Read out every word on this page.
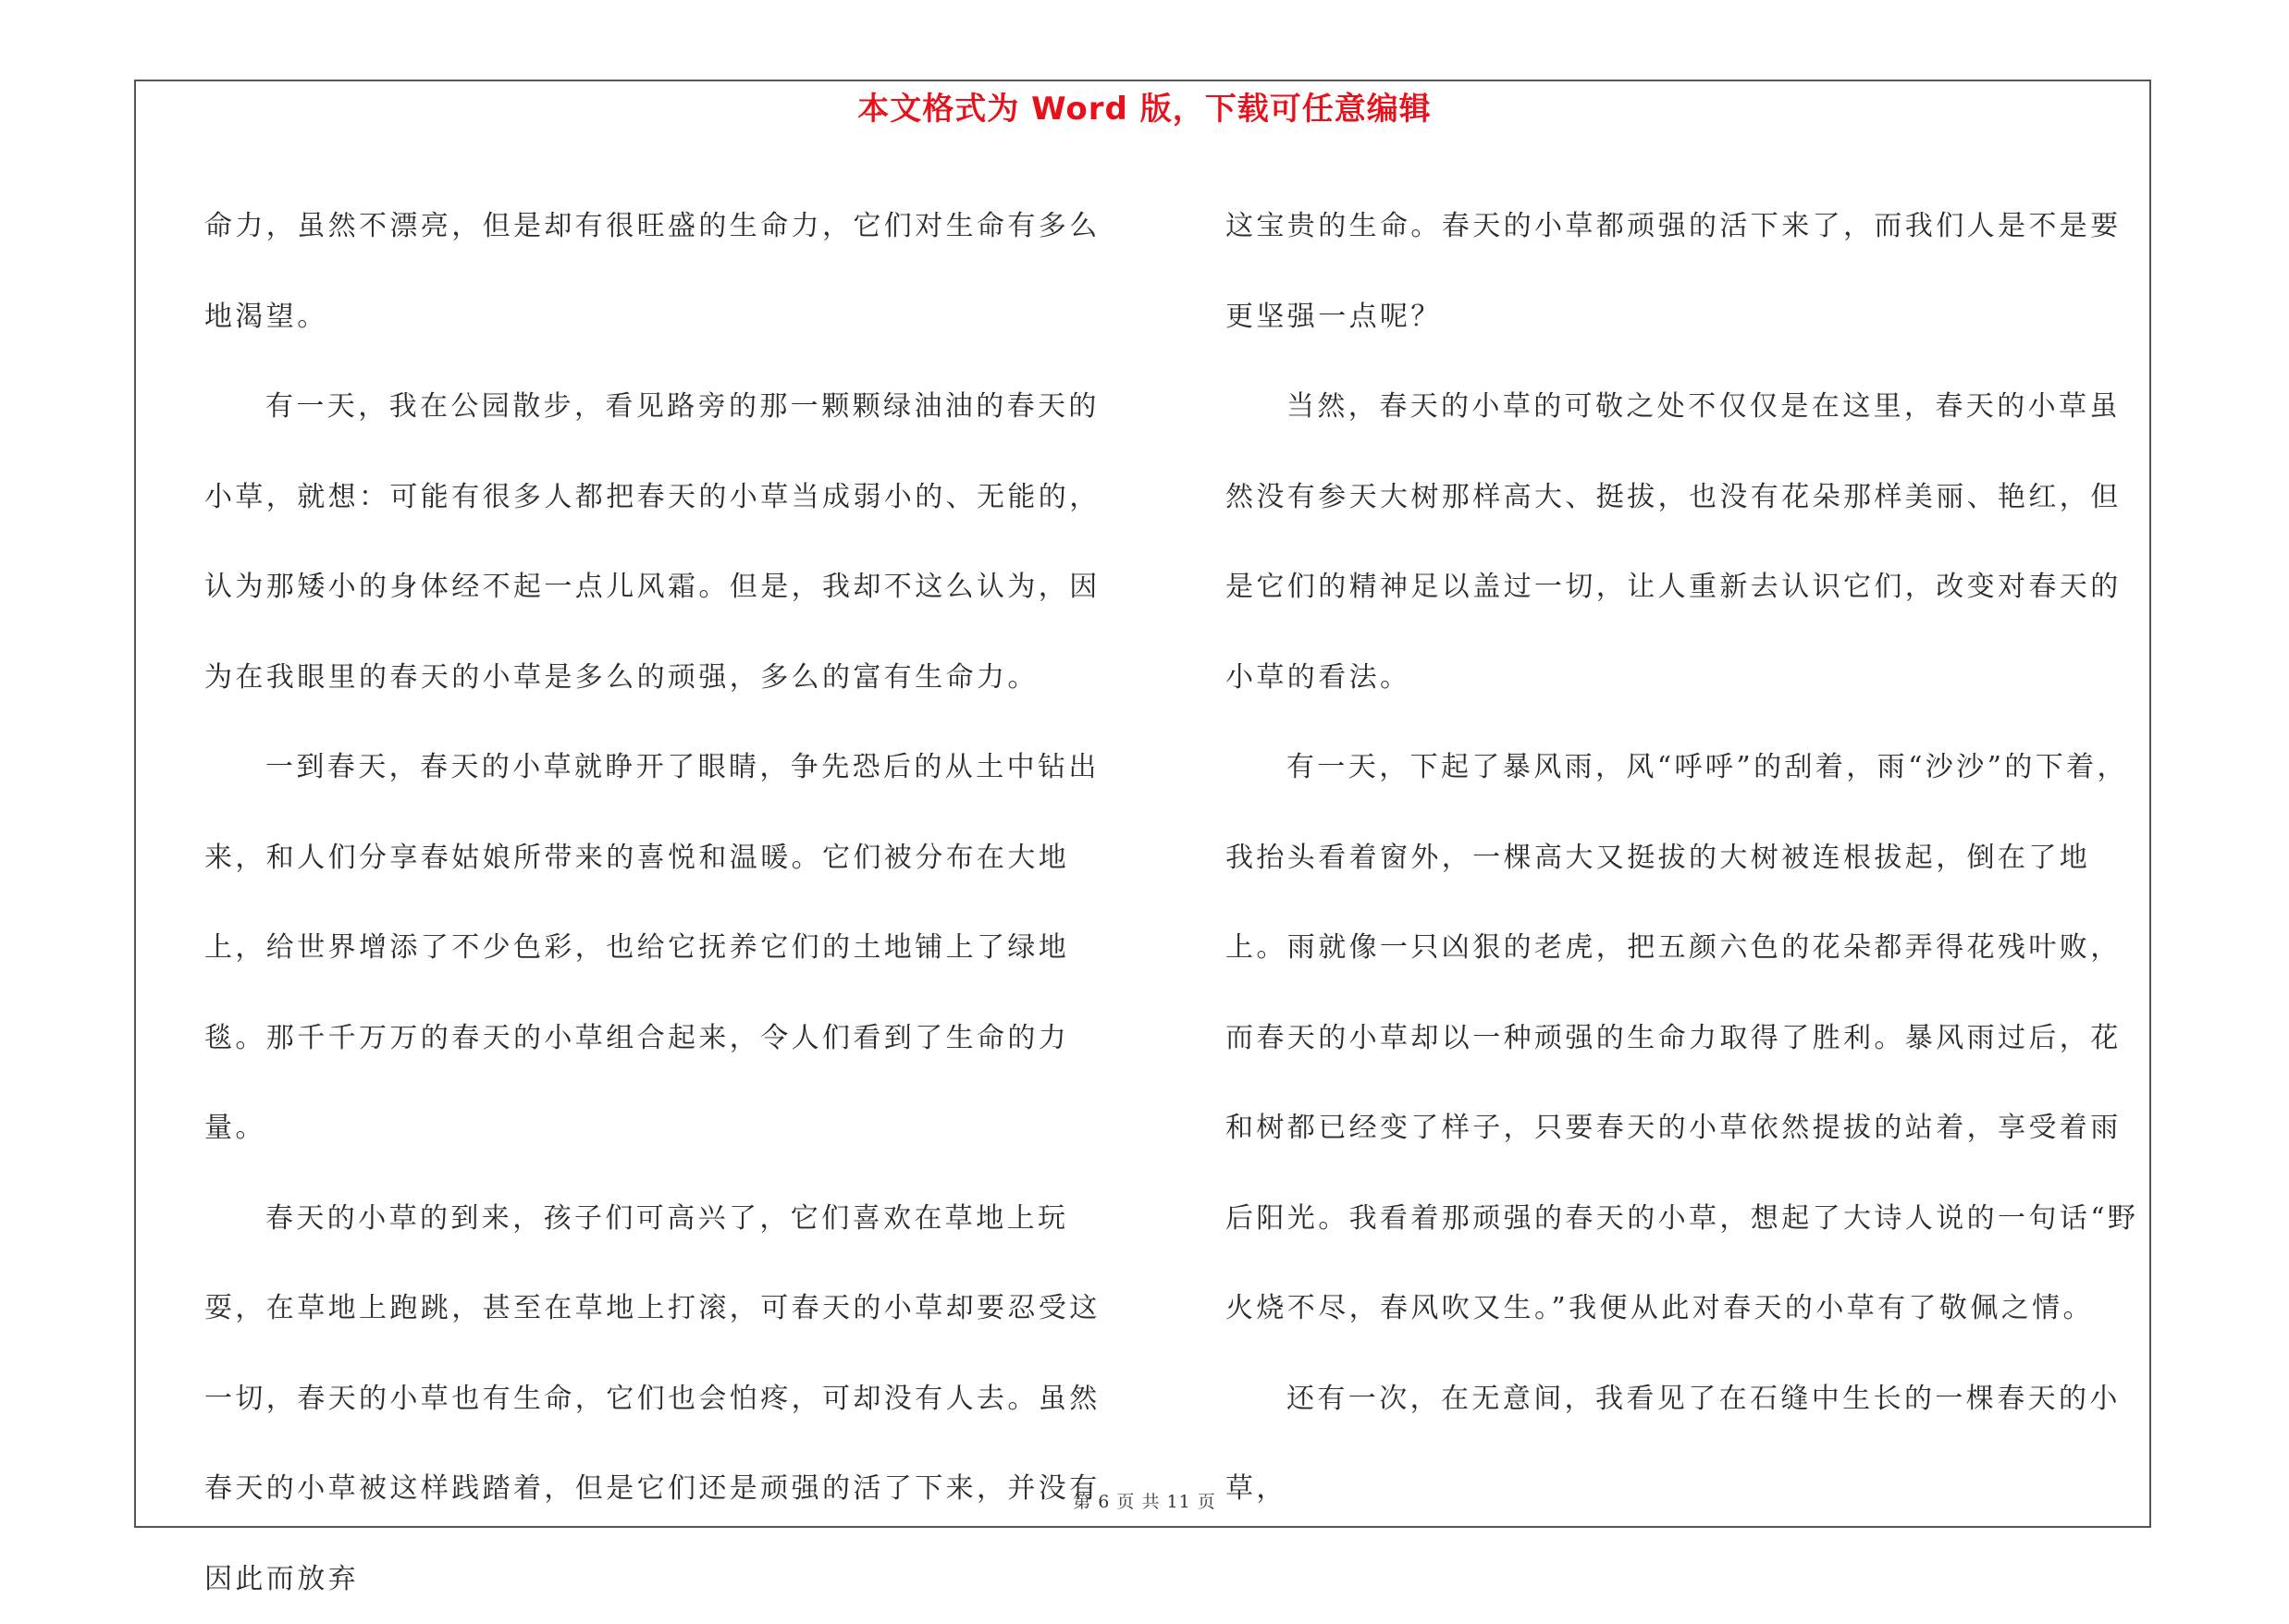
本文格式为 Word 版，下载可任意编辑

命力，虽然不漂亮，但是却有很旺盛的生命力，它们对生命有多么地渴望。

有一天，我在公园散步，看见路旁的那一颗颗绿油油的春天的小草，就想：可能有很多人都把春天的小草当成弱小的、无能的，认为那矮小的身体经不起一点儿风霜。但是，我却不这么认为，因为在我眼里的春天的小草是多么的顽强，多么的富有生命力。

一到春天，春天的小草就睁开了眼睛，争先恐后的从土中钻出来，和人们分享春姑娘所带来的喜悦和温暖。它们被分布在大地上，给世界增添了不少色彩，也给它抚养它们的土地铺上了绿地毯。那千千万万的春天的小草组合起来，令人们看到了生命的力量。

春天的小草的到来，孩子们可高兴了，它们喜欢在草地上玩耍，在草地上跑跳，甚至在草地上打滚，可春天的小草却要忍受这一切，春天的小草也有生命，它们也会怕疼，可却没有人去。虽然春天的小草被这样践踏着，但是它们还是顽强的活了下来，并没有因此而放弃

这宝贵的生命。春天的小草都顽强的活下来了，而我们人是不是要更坚强一点呢？

当然，春天的小草的可敬之处不仅仅是在这里，春天的小草虽然没有参天大树那样高大、挺拔，也没有花朵那样美丽、艳红，但是它们的精神足以盖过一切，让人重新去认识它们，改变对春天的小草的看法。

有一天，下起了暴风雨，风“呼呼”的刮着，雨“沙沙”的下着，我抬头看着窗外，一棵高大又挺拔的大树被连根拔起，倒在了地上。雨就像一只凶狠的老虎，把五颜六色的花朵都弄得花残叶败，而春天的小草却以一种顽强的生命力取得了胜利。暴风雨过后，花和树都已经变了样子，只要春天的小草依然提拔的站着，享受着雨后阳光。我看着那顽强的春天的小草，想起了大诗人说的一句话“野火烧不尽，春风吹又生。”我便从此对春天的小草有了敬佩之情。

还有一次，在无意间，我看见了在石缝中生长的一棵春天的小草，

第 6 页 共 11 页
